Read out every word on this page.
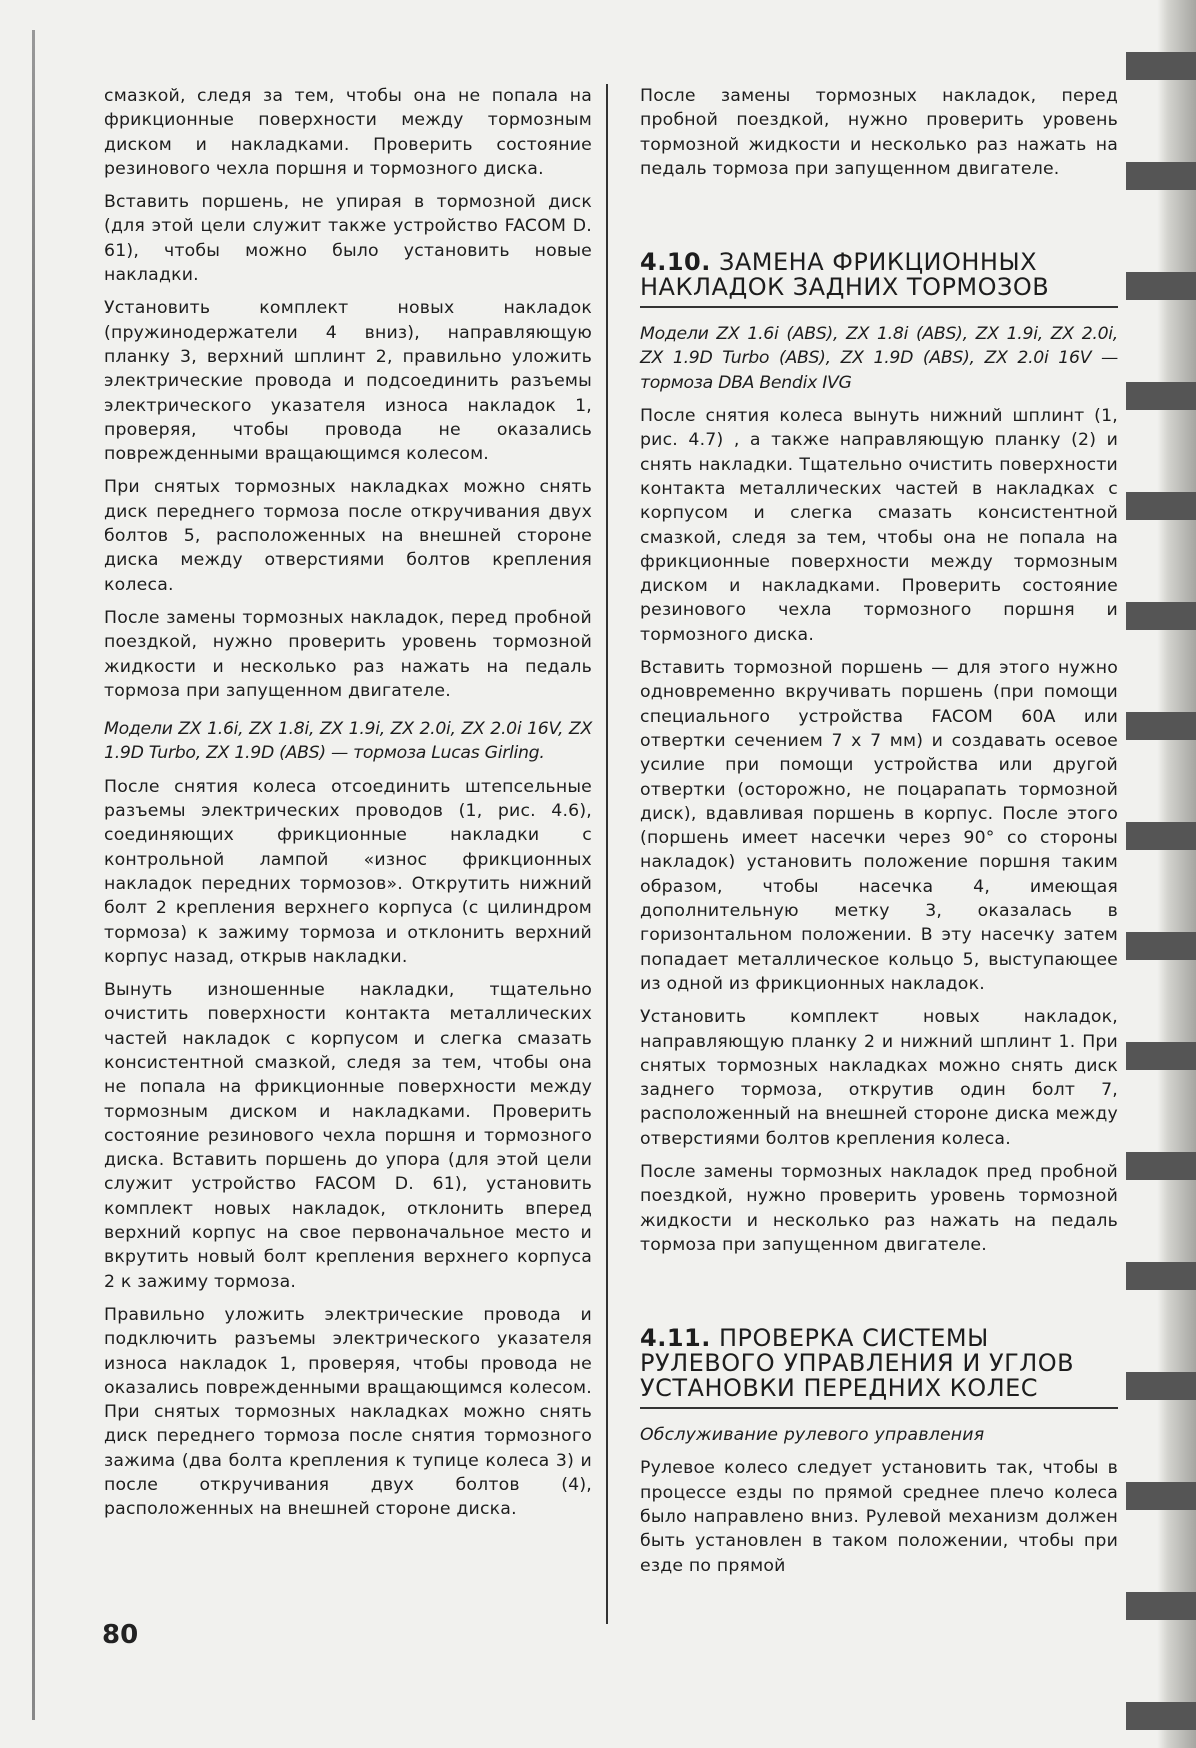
смазкой, следя за тем, чтобы она не попала на фрикционные поверхности между тормозным диском и накладками. Проверить состояние резинового чехла поршня и тормозного диска.

Вставить поршень, не упирая в тормозной диск (для этой цели служит также устройство FACOM D. 61), чтобы можно было установить новые накладки.

Установить комплект новых накладок (пружинодержатели 4 вниз), направляющую планку 3, верхний шплинт 2, правильно уложить электрические провода и подсоединить разъемы электрического указателя износа накладок 1, проверяя, чтобы провода не оказались поврежденными вращающимся колесом.

При снятых тормозных накладках можно снять диск переднего тормоза после откручивания двух болтов 5, расположенных на внешней стороне диска между отверстиями болтов крепления колеса.

После замены тормозных накладок, перед пробной поездкой, нужно проверить уровень тормозной жидкости и несколько раз нажать на педаль тормоза при запущенном двигателе.

Модели ZX 1.6i, ZX 1.8i, ZX 1.9i, ZX 2.0i, ZX 2.0i 16V, ZX 1.9D Turbo, ZX 1.9D (ABS) — тормоза Lucas Girling.

После снятия колеса отсоединить штепсельные разъемы электрических проводов (1, рис. 4.6), соединяющих фрикционные накладки с контрольной лампой «износ фрикционных накладок передних тормозов». Открутить нижний болт 2 крепления верхнего корпуса (с цилиндром тормоза) к зажиму тормоза и отклонить верхний корпус назад, открыв накладки.

Вынуть изношенные накладки, тщательно очистить поверхности контакта металлических частей накладок с корпусом и слегка смазать консистентной смазкой, следя за тем, чтобы она не попала на фрикционные поверхности между тормозным диском и накладками. Проверить состояние резинового чехла поршня и тормозного диска. Вставить поршень до упора (для этой цели служит устройство FACOM D. 61), установить комплект новых накладок, отклонить вперед верхний корпус на свое первоначальное место и вкрутить новый болт крепления верхнего корпуса 2 к зажиму тормоза.

Правильно уложить электрические провода и подключить разъемы электрического указателя износа накладок 1, проверяя, чтобы провода не оказались поврежденными вращающимся колесом. При снятых тормозных накладках можно снять диск переднего тормоза после снятия тормозного зажима (два болта крепления к тупице колеса 3) и после откручивания двух болтов (4), расположенных на внешней стороне диска.

После замены тормозных накладок, перед пробной поездкой, нужно проверить уровень тормозной жидкости и несколько раз нажать на педаль тормоза при запущенном двигателе.

4.10. ЗАМЕНА ФРИКЦИОННЫХ НАКЛАДОК ЗАДНИХ ТОРМОЗОВ

Модели ZX 1.6i (ABS), ZX 1.8i (ABS), ZX 1.9i, ZX 2.0i, ZX 1.9D Turbo (ABS), ZX 1.9D (ABS), ZX 2.0i 16V — тормоза DBA Bendix IVG

После снятия колеса вынуть нижний шплинт (1, рис. 4.7) , а также направляющую планку (2) и снять накладки. Тщательно очистить поверхности контакта металлических частей в накладках с корпусом и слегка смазать консистентной смазкой, следя за тем, чтобы она не попала на фрикционные поверхности между тормозным диском и накладками. Проверить состояние резинового чехла тормозного поршня и тормозного диска.

Вставить тормозной поршень — для этого нужно одновременно вкручивать поршень (при помощи специального устройства FACOM 60A или отвертки сечением 7 х 7 мм) и создавать осевое усилие при помощи устройства или другой отвертки (осторожно, не поцарапать тормозной диск), вдавливая поршень в корпус. После этого (поршень имеет насечки через 90° со стороны накладок) установить положение поршня таким образом, чтобы насечка 4, имеющая дополнительную метку 3, оказалась в горизонтальном положении. В эту насечку затем попадает металлическое кольцо 5, выступающее из одной из фрикционных накладок.

Установить комплект новых накладок, направляющую планку 2 и нижний шплинт 1. При снятых тормозных накладках можно снять диск заднего тормоза, открутив один болт 7, расположенный на внешней стороне диска между отверстиями болтов крепления колеса.

После замены тормозных накладок пред пробной поездкой, нужно проверить уровень тормозной жидкости и несколько раз нажать на педаль тормоза при запущенном двигателе.

4.11. ПРОВЕРКА СИСТЕМЫ РУЛЕВОГО УПРАВЛЕНИЯ И УГЛОВ УСТАНОВКИ ПЕРЕДНИХ КОЛЕС

Обслуживание рулевого управления

Рулевое колесо следует установить так, чтобы в процессе езды по прямой среднее плечо колеса было направлено вниз. Рулевой механизм должен быть установлен в таком положении, чтобы при езде по прямой

80
